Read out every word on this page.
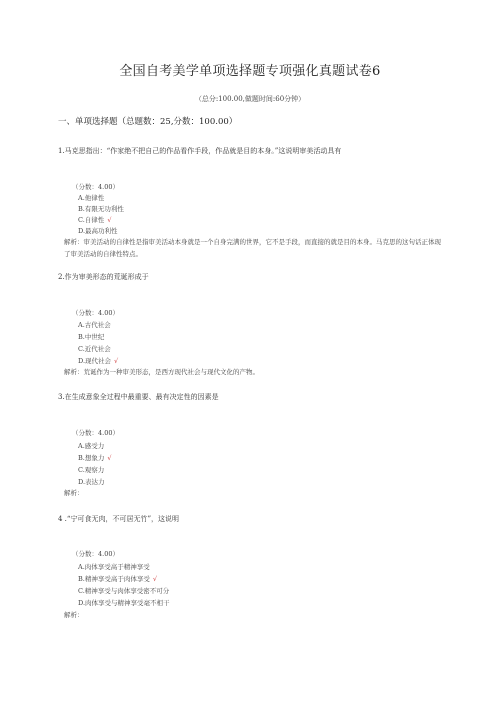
全国自考美学单项选择题专项强化真题试卷6
（总分:100.00,做题时间:60分钟）
一、单项选择题（总题数：25,分数：100.00）
1.马克思指出：“作家绝不把自己的作品看作手段，作品就是目的本身。”这说明审美活动具有
（分数：4.00）
A.他律性
B.有限无功利性
C.自律性 √
D.最高功利性
解析：审美活动的自律性是指审美活动本身就是一个自身完满的世界，它不是手段，而直接的就是目的本身。马克思的这句话正体现了审美活动的自律性特点。
2.作为审美形态的荒诞形成于
（分数：4.00）
A.古代社会
B.中世纪
C.近代社会
D.现代社会 √
解析：荒诞作为一种审美形态，是西方现代社会与现代文化的产物。
3.在生成意象全过程中最重要、最有决定性的因素是
（分数：4.00）
A.感受力
B.想象力 √
C.观察力
D.表达力
解析：
4 .“宁可食无肉，不可居无竹”，这说明
（分数：4.00）
A.肉体享受高于精神享受
B.精神享受高于肉体享受 √
C.精神享受与肉体享受密不可分
D.肉体享受与精神享受毫不相干
解析：
